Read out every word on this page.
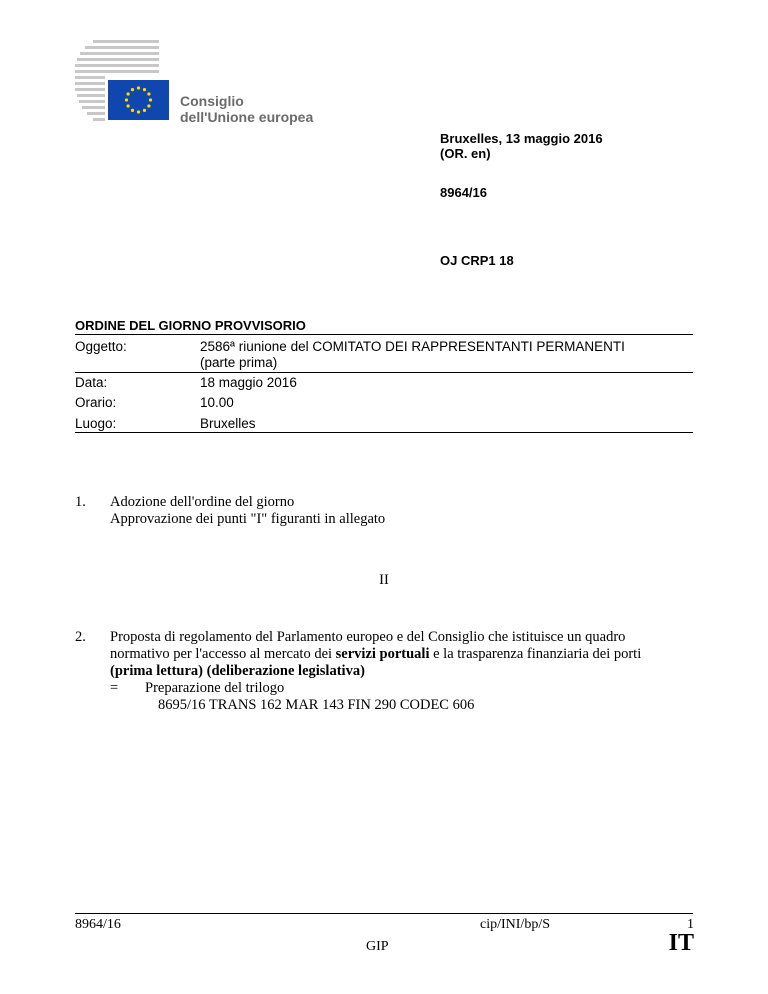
Consiglio
dell'Unione europea
Bruxelles, 13 maggio 2016
(OR. en)
8964/16
OJ CRP1 18
ORDINE DEL GIORNO PROVVISORIO
Oggetto:	2586ª riunione del COMITATO DEI RAPPRESENTANTI PERMANENTI
(parte prima)
Data:	18 maggio 2016
Orario:	10.00
Luogo:	Bruxelles
1. Adozione dell'ordine del giorno
Approvazione dei punti "I" figuranti in allegato
II
2. Proposta di regolamento del Parlamento europeo e del Consiglio che istituisce un quadro
normativo per l'accesso al mercato dei servizi portuali e la trasparenza finanziaria dei porti
(prima lettura) (deliberazione legislativa)
= Preparazione del trilogo
8695/16 TRANS 162 MAR 143 FIN 290 CODEC 606
8964/16	cip/INI/bp/S	1
GIP	IT
